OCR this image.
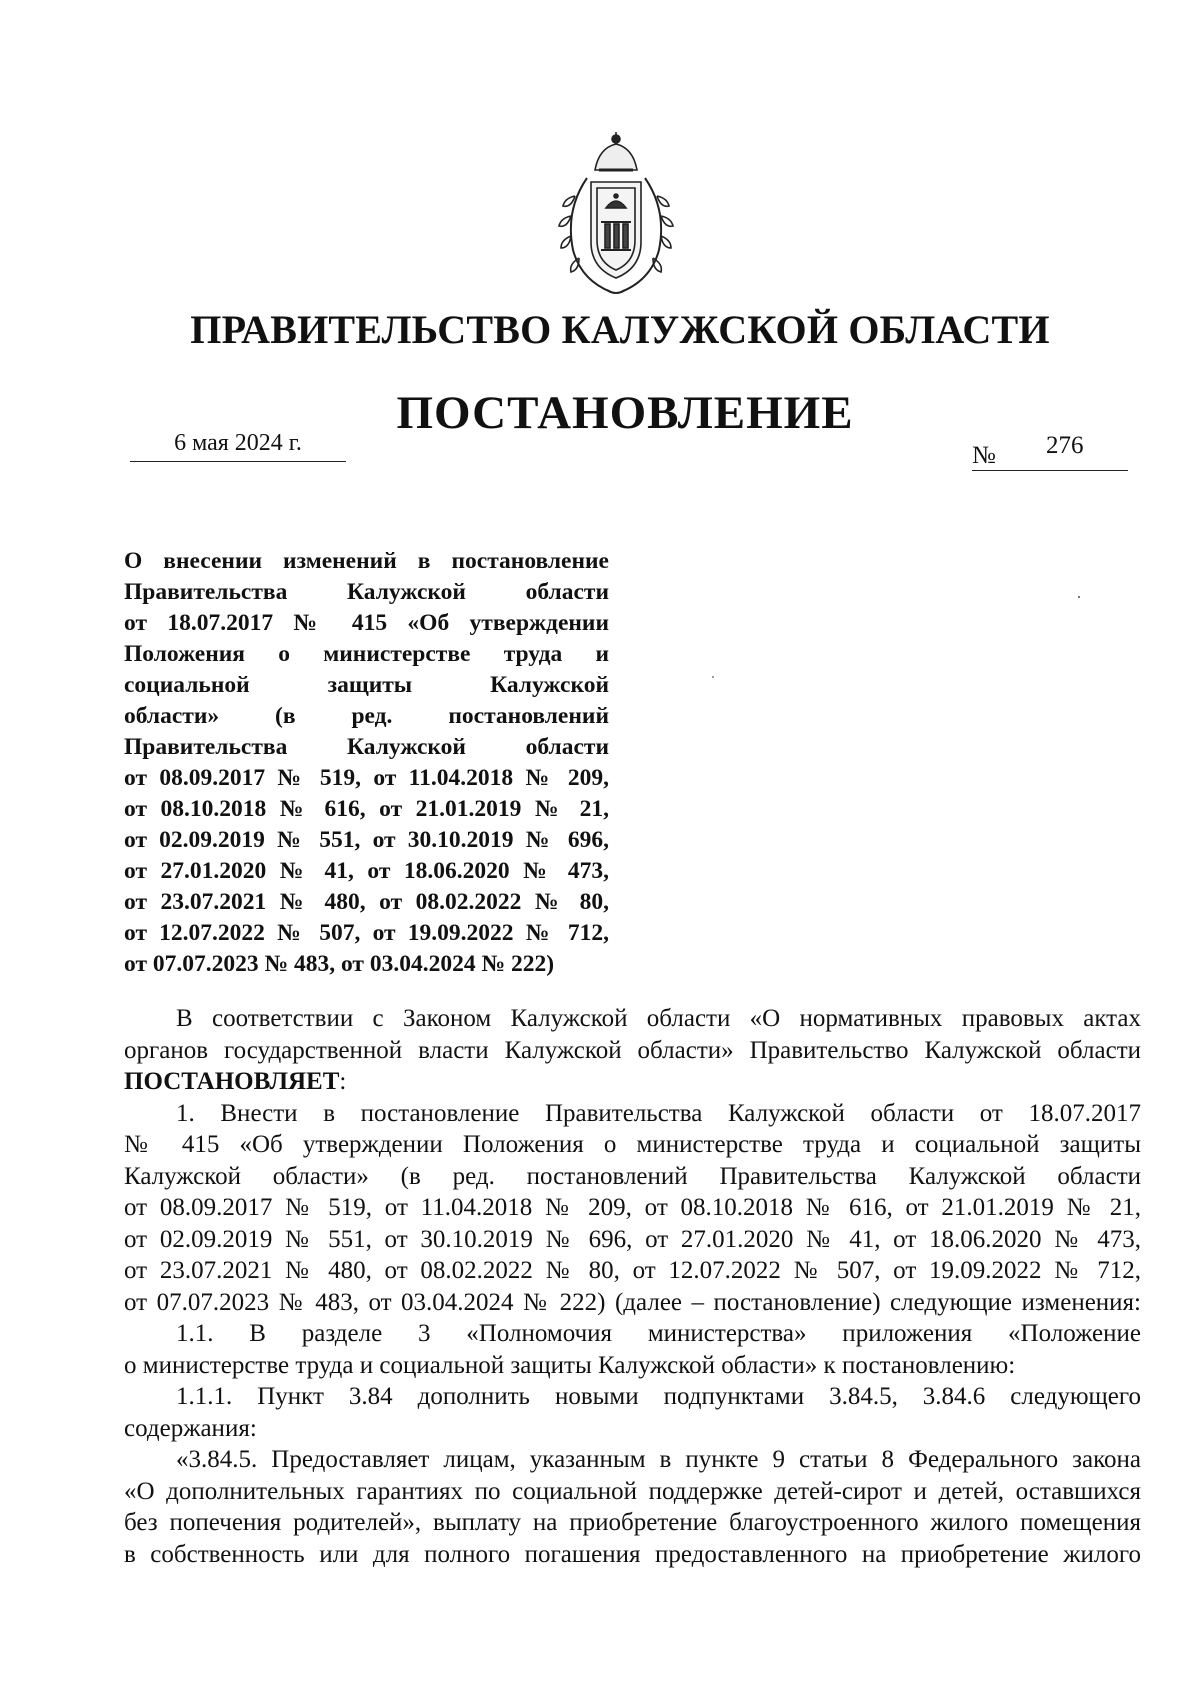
ПРАВИТЕЛЬСТВО КАЛУЖСКОЙ ОБЛАСТИ
ПОСТАНОВЛЕНИЕ
6 мая 2024 г.	№ 276
О внесении изменений в постановление
Правительства Калужской области
от 18.07.2017 № 415 «Об утверждении
Положения о министерстве труда и
социальной защиты Калужской
области» (в ред. постановлений
Правительства Калужской области
от 08.09.2017 № 519, от 11.04.2018 № 209,
от 08.10.2018 № 616, от 21.01.2019 № 21,
от 02.09.2019 № 551, от 30.10.2019 № 696,
от 27.01.2020 № 41, от 18.06.2020 № 473,
от 23.07.2021 № 480, от 08.02.2022 № 80,
от 12.07.2022 № 507, от 19.09.2022 № 712,
от 07.07.2023 № 483, от 03.04.2024 № 222)
В соответствии с Законом Калужской области «О нормативных правовых актах
органов государственной власти Калужской области» Правительство Калужской области
ПОСТАНОВЛЯЕТ:
1. Внести в постановление Правительства Калужской области от 18.07.2017
№ 415 «Об утверждении Положения о министерстве труда и социальной защиты
Калужской области» (в ред. постановлений Правительства Калужской области
от 08.09.2017 № 519, от 11.04.2018 № 209, от 08.10.2018 № 616, от 21.01.2019 № 21,
от 02.09.2019 № 551, от 30.10.2019 № 696, от 27.01.2020 № 41, от 18.06.2020 № 473,
от 23.07.2021 № 480, от 08.02.2022 № 80, от 12.07.2022 № 507, от 19.09.2022 № 712,
от 07.07.2023 № 483, от 03.04.2024 № 222) (далее – постановление) следующие изменения:
1.1. В разделе 3 «Полномочия министерства» приложения «Положение
о министерстве труда и социальной защиты Калужской области» к постановлению:
1.1.1. Пункт 3.84 дополнить новыми подпунктами 3.84.5, 3.84.6 следующего
содержания:
«3.84.5. Предоставляет лицам, указанным в пункте 9 статьи 8 Федерального закона
«О дополнительных гарантиях по социальной поддержке детей-сирот и детей, оставшихся
без попечения родителей», выплату на приобретение благоустроенного жилого помещения
в собственность или для полного погашения предоставленного на приобретение жилого
